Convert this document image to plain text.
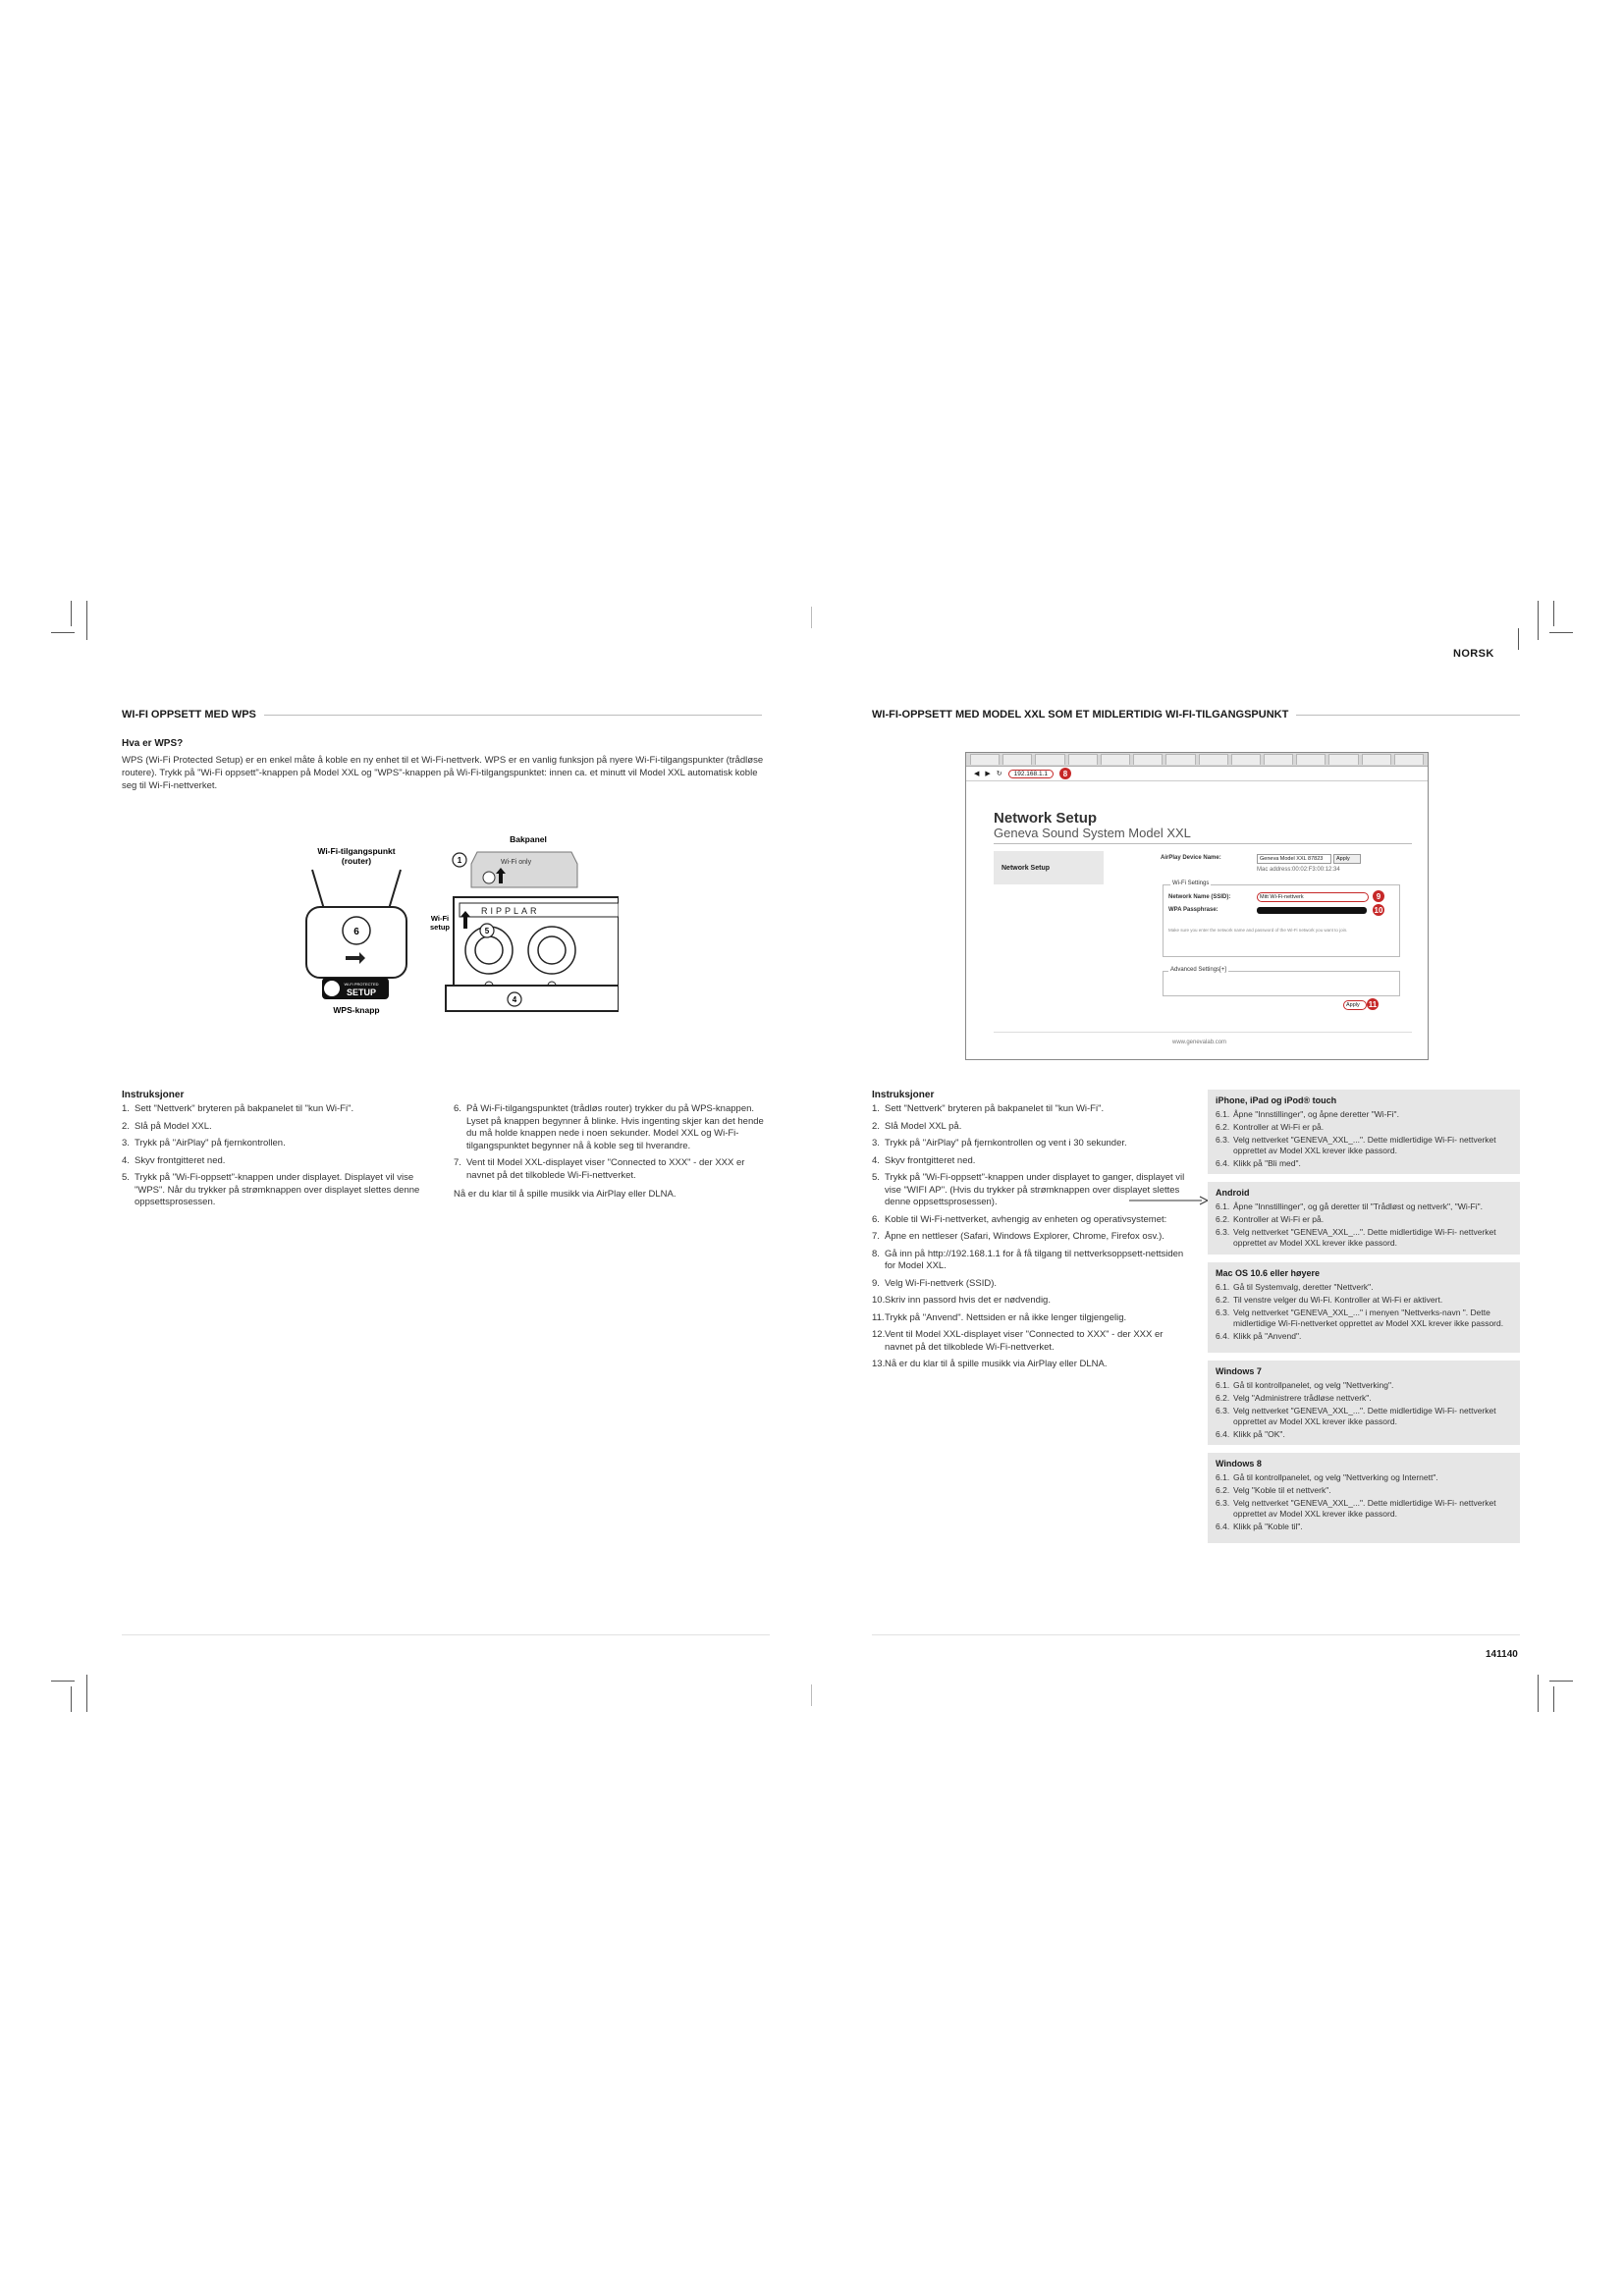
NORSK
WI-FI OPPSETT MED WPS
Hva er WPS?
WPS (Wi-Fi Protected Setup) er en enkel måte å koble en ny enhet til et Wi-Fi-nettverk. WPS er en vanlig funksjon på nyere Wi-Fi-tilgangspunkter (trådløse routere). Trykk på "Wi-Fi oppsett"-knappen på Model XXL og "WPS"-knappen på Wi-Fi-tilgangspunktet: innen ca. et minutt vil Model XXL automatisk koble seg til Wi-Fi-nettverket.
Wi-Fi-tilgangspunkt
(router)
6
Wi-Fi PROTECTED
SETUP
WPS-knapp
Bakpanel
Wi-Fi only
1
Wi-Fi
setup
RIPPLAR
5
4
Instruksjoner
1. Sett "Nettverk" bryteren på bakpanelet til "kun Wi-Fi".
2. Slå på Model XXL.
3. Trykk på "AirPlay" på fjernkontrollen.
4. Skyv frontgitteret ned.
5. Trykk på "Wi-Fi-oppsett"-knappen under displayet. Displayet vil vise "WPS". Når du trykker på strømknappen over displayet slettes denne oppsettsprosessen.
6. På Wi-Fi-tilgangspunktet (trådløs router) trykker du på WPS-knappen. Lyset på knappen begynner å blinke. Hvis ingenting skjer kan det hende du må holde knappen nede i noen sekunder. Model XXL og Wi-Fi-tilgangspunktet begynner nå å koble seg til hverandre.
7. Vent til Model XXL-displayet viser "Connected to XXX" - der XXX er navnet på det tilkoblede Wi-Fi-nettverket.
Nå er du klar til å spille musikk via AirPlay eller DLNA.
WI-FI-OPPSETT MED MODEL XXL SOM ET MIDLERTIDIG WI-FI-TILGANGSPUNKT
◀ ▶ ↻	192.168.1.1	8
Network Setup
Geneva Sound System Model XXL
Network Setup
AirPlay Device Name:	Geneva Model XXL 87823	Apply
Mac address:00:02:F3:00:12:34
Wi-Fi Settings
Network Name (SSID):	Mitt Wi-Fi-nettverk	9
WPA Passphrase:	10
Make sure you enter the network name and password of the Wi-Fi network you want to join.
Advanced Settings[+]
Apply	11
www.genevalab.com
Instruksjoner
1. Sett "Nettverk" bryteren på bakpanelet til "kun Wi-Fi".
2. Slå Model XXL på.
3. Trykk på "AirPlay" på fjernkontrollen og vent i 30 sekunder.
4. Skyv frontgitteret ned.
5. Trykk på "Wi-Fi-oppsett"-knappen under displayet to ganger, displayet vil vise "WIFI AP". (Hvis du trykker på strømknappen over displayet slettes denne oppsettsprosessen).
6. Koble til Wi-Fi-nettverket, avhengig av enheten og operativsystemet:
7. Åpne en nettleser (Safari, Windows Explorer, Chrome, Firefox osv.).
8. Gå inn på http://192.168.1.1 for å få tilgang til nettverksoppsett-nettsiden for Model XXL.
9. Velg Wi-Fi-nettverk (SSID).
10. Skriv inn passord hvis det er nødvendig.
11. Trykk på "Anvend". Nettsiden er nå ikke lenger tilgjengelig.
12. Vent til Model XXL-displayet viser "Connected to XXX" - der XXX er navnet på det tilkoblede Wi-Fi-nettverket.
13. Nå er du klar til å spille musikk via AirPlay eller DLNA.
iPhone, iPad og iPod® touch
6.1. Åpne "Innstillinger", og åpne deretter "Wi-Fi".
6.2. Kontroller at Wi-Fi er på.
6.3. Velg nettverket "GENEVA_XXL_...". Dette midlertidige Wi-Fi- nettverket opprettet av Model XXL krever ikke passord.
6.4. Klikk på "Bli med".
Android
6.1. Åpne "Innstillinger", og gå deretter til "Trådløst og nettverk", "Wi-Fi".
6.2. Kontroller at Wi-Fi er på.
6.3. Velg nettverket "GENEVA_XXL_...". Dette midlertidige Wi-Fi- nettverket opprettet av Model XXL krever ikke passord.
Mac OS 10.6 eller høyere
6.1. Gå til Systemvalg, deretter "Nettverk".
6.2. Til venstre velger du Wi-Fi. Kontroller at Wi-Fi er aktivert.
6.3. Velg nettverket "GENEVA_XXL_..." i menyen "Nettverks-navn ". Dette midlertidige Wi-Fi-nettverket opprettet av Model XXL krever ikke passord.
6.4. Klikk på "Anvend".
Windows 7
6.1. Gå til kontrollpanelet, og velg "Nettverking".
6.2. Velg "Administrere trådløse nettverk".
6.3. Velg nettverket "GENEVA_XXL_...". Dette midlertidige Wi-Fi- nettverket opprettet av Model XXL krever ikke passord.
6.4. Klikk på "OK".
Windows 8
6.1. Gå til kontrollpanelet, og velg "Nettverking og Internett".
6.2. Velg "Koble til et nettverk".
6.3. Velg nettverket "GENEVA_XXL_...". Dette midlertidige Wi-Fi- nettverket opprettet av Model XXL krever ikke passord.
6.4. Klikk på "Koble til".
141140
